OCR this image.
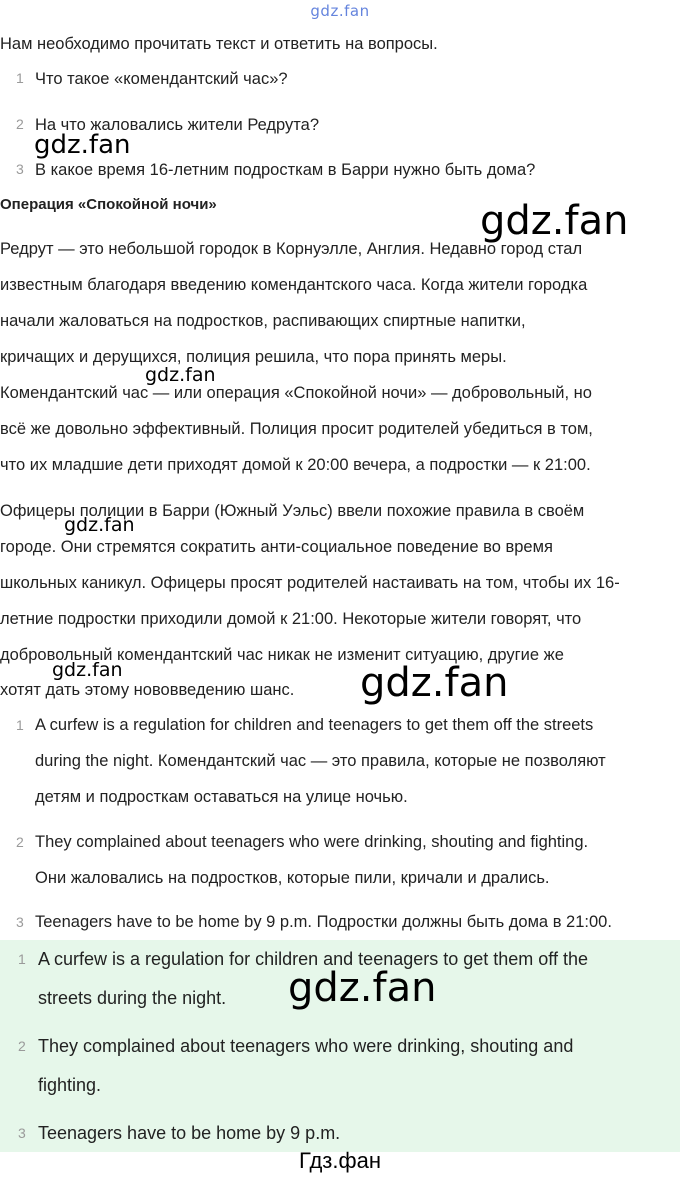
gdz.fan
Нам необходимо прочитать текст и ответить на вопросы.
1 Что такое «комендантский час»?
2 На что жаловались жители Редрута?
3 В какое время 16-летним подросткам в Барри нужно быть дома?
Операция «Спокойной ночи»
Редрут — это небольшой городок в Корнуэлле, Англия. Недавно город стал
известным благодаря введению комендантского часа. Когда жители городка
начали жаловаться на подростков, распивающих спиртные напитки,
кричащих и дерущихся, полиция решила, что пора принять меры.
Комендантский час — или операция «Спокойной ночи» — добровольный, но
всё же довольно эффективный. Полиция просит родителей убедиться в том,
что их младшие дети приходят домой к 20:00 вечера, а подростки — к 21:00.
Офицеры полиции в Барри (Южный Уэльс) ввели похожие правила в своём
городе. Они стремятся сократить анти-социальное поведение во время
школьных каникул. Офицеры просят родителей настаивать на том, чтобы их 16-
летние подростки приходили домой к 21:00. Некоторые жители говорят, что
добровольный комендантский час никак не изменит ситуацию, другие же
хотят дать этому нововведению шанс.
1 A curfew is a regulation for children and teenagers to get them off the streets
during the night. Комендантский час — это правила, которые не позволяют
детям и подросткам оставаться на улице ночью.
2 They complained about teenagers who were drinking, shouting and fighting.
Они жаловались на подростков, которые пили, кричали и дрались.
3 Teenagers have to be home by 9 p.m. Подростки должны быть дома в 21:00.
1 A curfew is a regulation for children and teenagers to get them off the
streets during the night.
2 They complained about teenagers who were drinking, shouting and
fighting.
3 Teenagers have to be home by 9 p.m.
gdz.fan
gdz.fan
gdz.fan
gdz.fan
gdz.fan	gdz.fan
gdz.fan
Гдз.фан
